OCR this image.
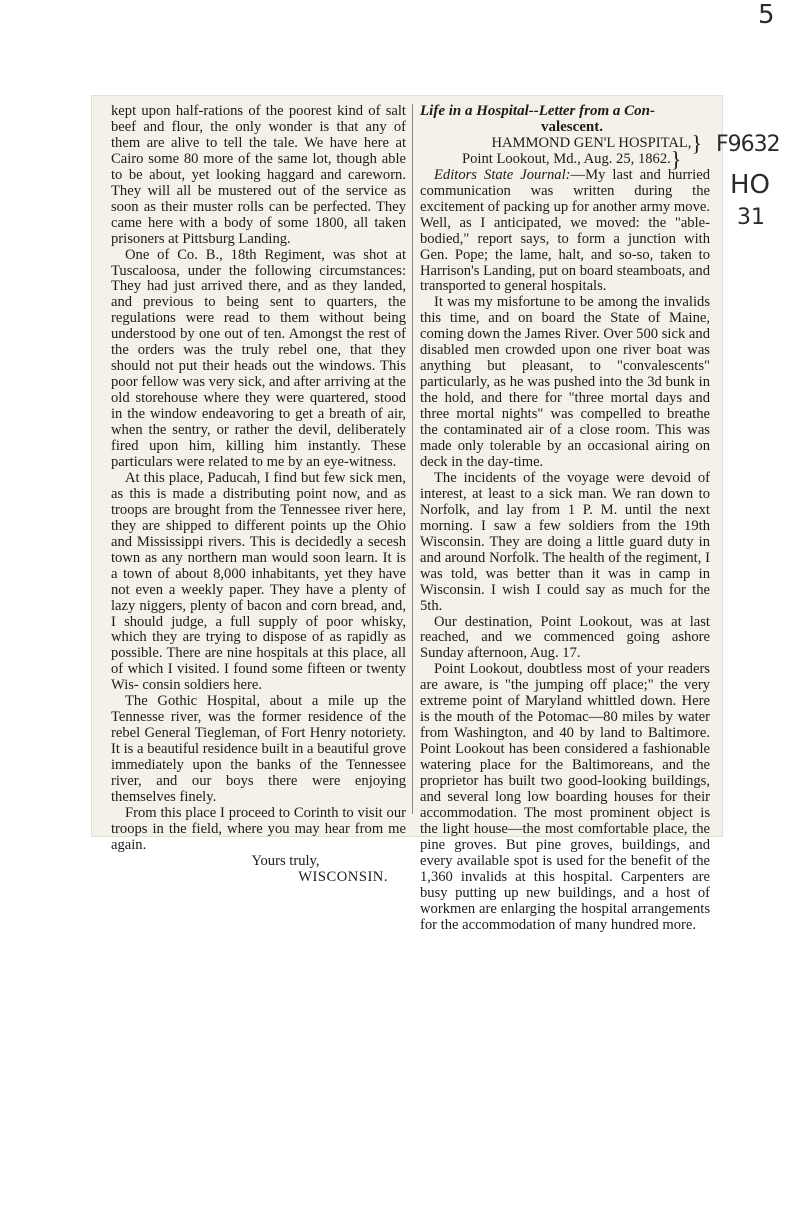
kept upon half-rations of the poorest kind of salt beef and flour, the only wonder is that any of them are alive to tell the tale. We have here at Cairo some 80 more of the same lot, though able to be about, yet looking haggard and careworn. They will all be mustered out of the service as soon as their muster rolls can be perfected. They came here with a body of some 1800, all taken prisoners at Pittsburg Landing.

One of Co. B., 18th Regiment, was shot at Tuscaloosa, under the following circumstances: They had just arrived there, and as they landed, and previous to being sent to quarters, the regulations were read to them without being understood by one out of ten. Amongst the rest of the orders was the truly rebel one, that they should not put their heads out the windows. This poor fellow was very sick, and after arriving at the old storehouse where they were quartered, stood in the window endeavoring to get a breath of air, when the sentry, or rather the devil, deliberately fired upon him, killing him instantly. These particulars were related to me by an eye-witness.

At this place, Paducah, I find but few sick men, as this is made a distributing point now, and as troops are brought from the Tennessee river here, they are shipped to different points up the Ohio and Mississippi rivers. This is decidedly a secesh town as any northern man would soon learn. It is a town of about 8,000 inhabitants, yet they have not even a weekly paper. They have a plenty of lazy niggers, plenty of bacon and corn bread, and, I should judge, a full supply of poor whisky, which they are trying to dispose of as rapidly as possible. There are nine hospitals at this place, all of which I visited. I found some fifteen or twenty Wis- consin soldiers here.

The Gothic Hospital, about a mile up the Tennesse river, was the former residence of the rebel General Tiegleman, of Fort Henry notoriety. It is a beautiful residence built in a beautiful grove immediately upon the banks of the Tennessee river, and our boys there were enjoying themselves finely.

From this place I proceed to Corinth to visit our troops in the field, where you may hear from me again.

Yours truly,

WISCONSIN.

Life in a Hospital--Letter from a Con-

valescent.

HAMMOND GEN'L HOSPITAL,}

Point Lookout, Md., Aug. 25, 1862.}

Editors State Journal:—My last and hurried communication was written during the excitement of packing up for another army move. Well, as I anticipated, we moved: the "able-bodied," report says, to form a junction with Gen. Pope; the lame, halt, and so-so, taken to Harrison's Landing, put on board steamboats, and transported to general hospitals.

It was my misfortune to be among the invalids this time, and on board the State of Maine, coming down the James River. Over 500 sick and disabled men crowded upon one river boat was anything but pleasant, to "convalescents" particularly, as he was pushed into the 3d bunk in the hold, and there for "three mortal days and three mortal nights" was compelled to breathe the contaminated air of a close room. This was made only tolerable by an occasional airing on deck in the day-time.

The incidents of the voyage were devoid of interest, at least to a sick man. We ran down to Norfolk, and lay from 1 P. M. until the next morning. I saw a few soldiers from the 19th Wisconsin. They are doing a little guard duty in and around Norfolk. The health of the regiment, I was told, was better than it was in camp in Wisconsin. I wish I could say as much for the 5th.

Our destination, Point Lookout, was at last reached, and we commenced going ashore Sunday afternoon, Aug. 17.

Point Lookout, doubtless most of your readers are aware, is "the jumping off place;" the very extreme point of Maryland whittled down. Here is the mouth of the Potomac—80 miles by water from Washington, and 40 by land to Baltimore. Point Lookout has been considered a fashionable watering place for the Baltimoreans, and the proprietor has built two good-looking buildings, and several long low boarding houses for their accommodation. The most prominent object is the light house—the most comfortable place, the pine groves. But pine groves, buildings, and every available spot is used for the benefit of the 1,360 invalids at this hospital. Carpenters are busy putting up new buildings, and a host of workmen are enlarging the hospital arrangements for the accommodation of many hundred more.

5
F9632
HO
31
